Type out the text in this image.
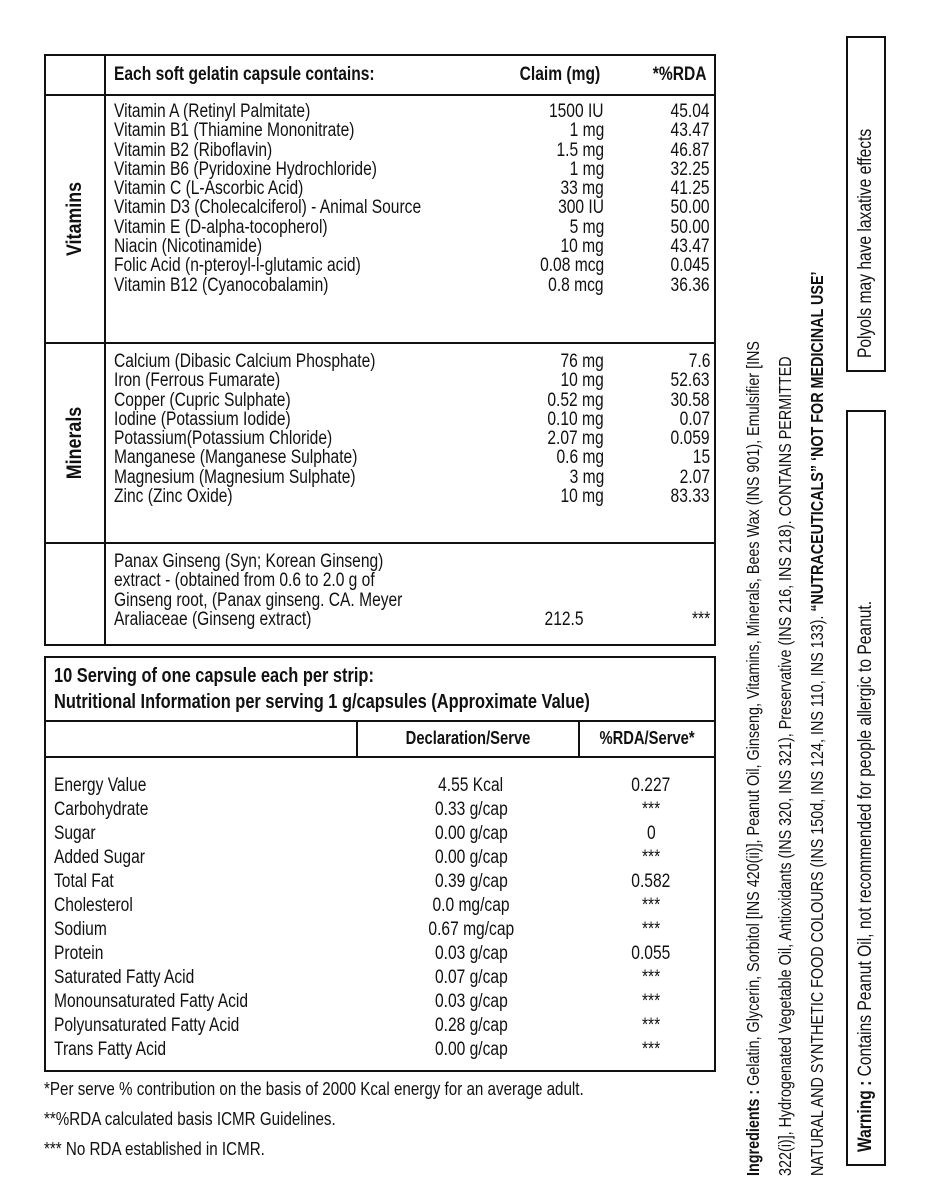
Each soft gelatin capsule contains:	Claim (mg)	*%RDA
Vitamins
Minerals
Vitamin A (Retinyl Palmitate)	1500 IU	45.04
Vitamin B1 (Thiamine Mononitrate)	1 mg	43.47
Vitamin B2 (Riboflavin)	1.5 mg	46.87
Vitamin B6 (Pyridoxine Hydrochloride)	1 mg	32.25
Vitamin C (L-Ascorbic Acid)	33 mg	41.25
Vitamin D3 (Cholecalciferol) - Animal Source	300 IU	50.00
Vitamin E (D-alpha-tocopherol)	5 mg	50.00
Niacin (Nicotinamide)	10 mg	43.47
Folic Acid (n-pteroyl-l-glutamic acid)	0.08 mcg	0.045
Vitamin B12 (Cyanocobalamin)	0.8 mcg	36.36
Calcium (Dibasic Calcium Phosphate)	76 mg	7.6
Iron (Ferrous Fumarate)	10 mg	52.63
Copper (Cupric Sulphate)	0.52 mg	30.58
Iodine (Potassium Iodide)	0.10 mg	0.07
Potassium(Potassium Chloride)	2.07 mg	0.059
Manganese (Manganese Sulphate)	0.6 mg	15
Magnesium (Magnesium Sulphate)	3 mg	2.07
Zinc (Zinc Oxide)	10 mg	83.33
Panax Ginseng (Syn; Korean Ginseng)
extract - (obtained from 0.6 to 2.0 g of
Ginseng root, (Panax ginseng. CA. Meyer
Araliaceae (Ginseng extract)	212.5	***
10 Serving of one capsule each per strip:
Nutritional Information per serving 1 g/capsules (Approximate Value)
Declaration/Serve	%RDA/Serve*
Energy Value	4.55 Kcal	0.227
Carbohydrate	0.33 g/cap	***
Sugar	0.00 g/cap	0
Added Sugar	0.00 g/cap	***
Total Fat	0.39 g/cap	0.582
Cholesterol	0.0 mg/cap	***
Sodium	0.67 mg/cap	***
Protein	0.03 g/cap	0.055
Saturated Fatty Acid	0.07 g/cap	***
Monounsaturated Fatty Acid	0.03 g/cap	***
Polyunsaturated Fatty Acid	0.28 g/cap	***
Trans Fatty Acid	0.00 g/cap	***
*Per serve % contribution on the basis of 2000 Kcal energy for an average adult.
**%RDA calculated basis ICMR Guidelines.
*** No RDA established in ICMR.	Ingredients : Gelatin, Glycerin, Sorbitol [INS 420(ii)], Peanut Oil, Ginseng, Vitamins, Minerals, Bees Wax (INS 901), Emulsifier [INS 322(i)], Hydrogenated Vegetable Oil, Antioxidants (INS 320, INS 321), Preservative (INS 216, INS 218). CONTAINS PERMITTED NATURAL AND SYNTHETIC FOOD COLOURS (INS 150d, INS 124, INS 110, INS 133). “NUTRACEUTICALS” ‘NOT FOR MEDICINAL USE’
Warning : Contains Peanut Oil, not recommended for people allergic to Peanut.
Polyols may have laxative effects
